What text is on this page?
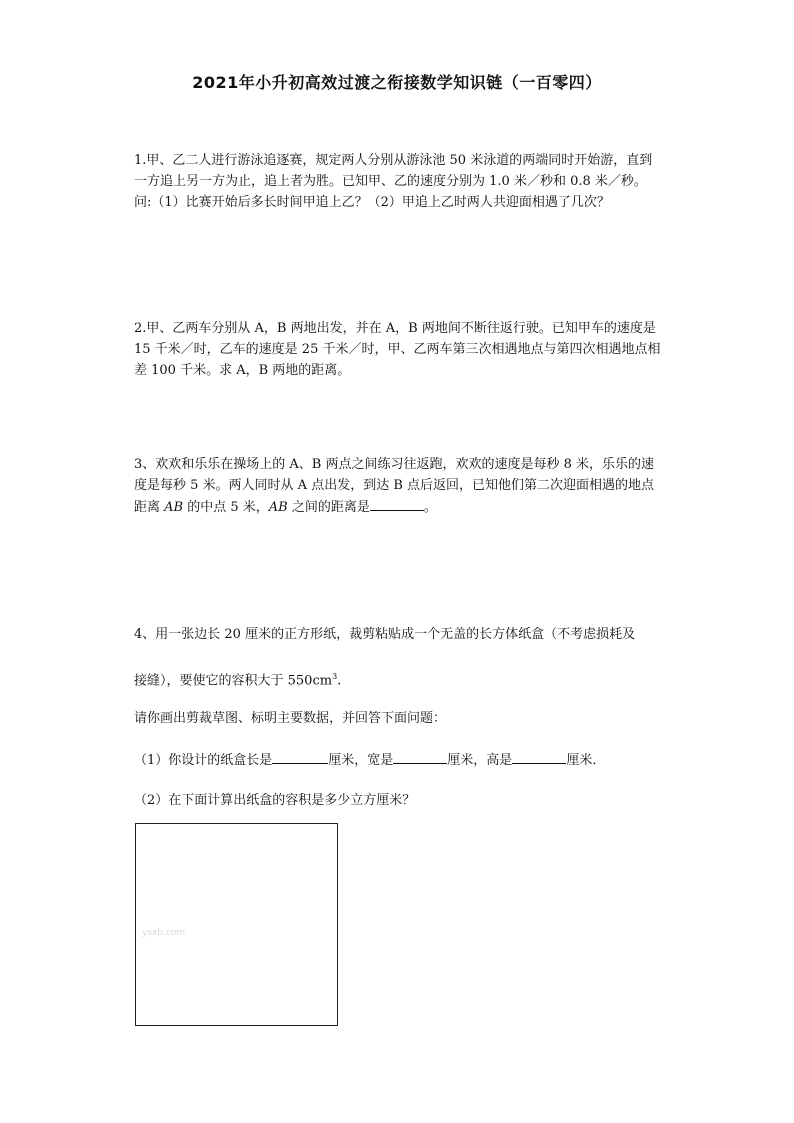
2021年小升初高效过渡之衔接数学知识链（一百零四）
1.甲、乙二人进行游泳追逐赛，规定两人分别从游泳池 50 米泳道的两端同时开始游，直到一方追上另一方为止，追上者为胜。已知甲、乙的速度分别为 1.0 米／秒和 0.8 米／秒。问:（1）比赛开始后多长时间甲追上乙？（2）甲追上乙时两人共迎面相遇了几次？
2.甲、乙两车分别从 A，B 两地出发，并在 A，B 两地间不断往返行驶。已知甲车的速度是 15 千米／时，乙车的速度是 25 千米／时，甲、乙两车第三次相遇地点与第四次相遇地点相差 100 千米。求 A，B 两地的距离。
3、欢欢和乐乐在操场上的 A、B 两点之间练习往返跑，欢欢的速度是每秒 8 米，乐乐的速度是每秒 5 米。两人同时从 A 点出发，到达 B 点后返回，已知他们第二次迎面相遇的地点距离 AB 的中点 5 米，AB 之间的距离是	。
4、用一张边长 20 厘米的正方形纸，裁剪粘贴成一个无盖的长方体纸盒（不考虑损耗及
接缝），要使它的容积大于 $550cm^3$.
请你画出剪裁草图、标明主要数据，并回答下面问题：
（1）你设计的纸盒长是	厘米，宽是	厘米，高是	厘米．
（2）在下面计算出纸盒的容积是多少立方厘米？
ysxb.com
